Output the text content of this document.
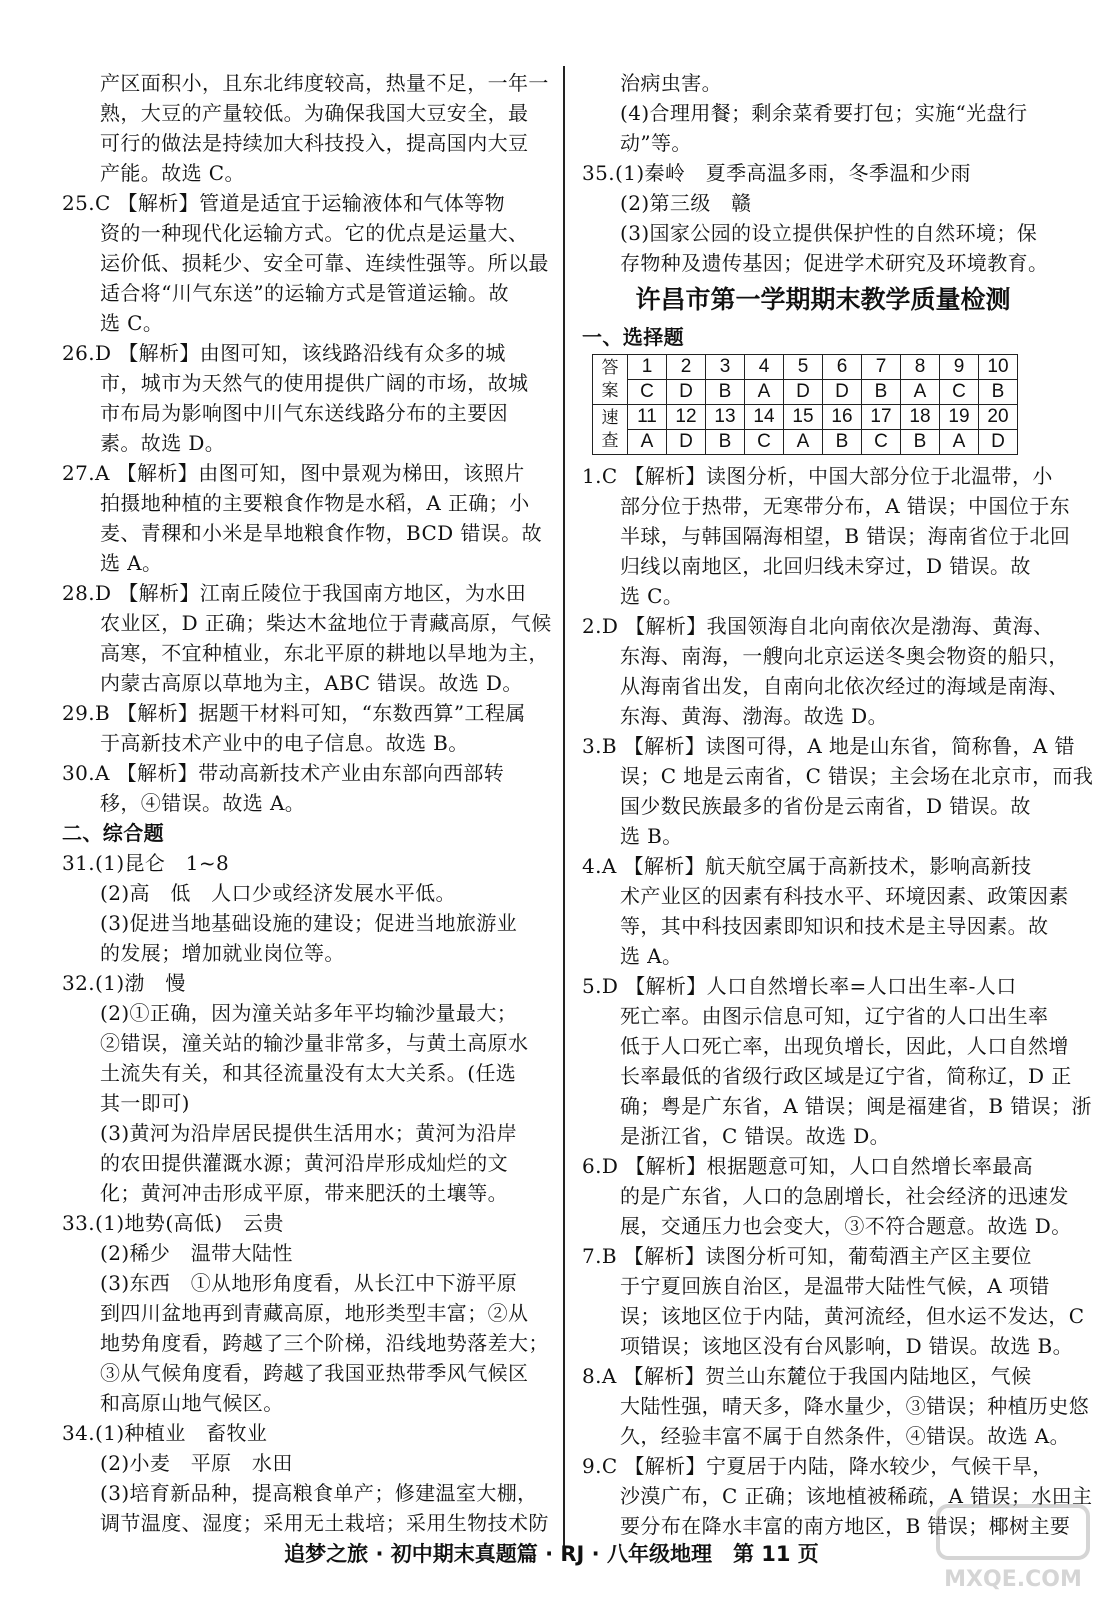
产区面积小，且东北纬度较高，热量不足，一年一
熟，大豆的产量较低。为确保我国大豆安全，最
可行的做法是持续加大科技投入，提高国内大豆
产能。故选 C。
25.C 【解析】管道是适宜于运输液体和气体等物
资的一种现代化运输方式。它的优点是运量大、
运价低、损耗少、安全可靠、连续性强等。所以最
适合将“川气东送”的运输方式是管道运输。故
选 C。
26.D 【解析】由图可知，该线路沿线有众多的城
市，城市为天然气的使用提供广阔的市场，故城
市布局为影响图中川气东送线路分布的主要因
素。故选 D。
27.A 【解析】由图可知，图中景观为梯田，该照片
拍摄地种植的主要粮食作物是水稻，A 正确；小
麦、青稞和小米是旱地粮食作物，BCD 错误。故
选 A。
28.D 【解析】江南丘陵位于我国南方地区，为水田
农业区，D 正确；柴达木盆地位于青藏高原，气候
高寒，不宜种植业，东北平原的耕地以旱地为主，
内蒙古高原以草地为主，ABC 错误。故选 D。
29.B 【解析】据题干材料可知，“东数西算”工程属
于高新技术产业中的电子信息。故选 B。
30.A 【解析】带动高新技术产业由东部向西部转
移，④错误。故选 A。
二、综合题
31.(1)昆仑　1~8
(2)高　低　人口少或经济发展水平低。
(3)促进当地基础设施的建设；促进当地旅游业
的发展；增加就业岗位等。
32.(1)渤　慢
(2)①正确，因为潼关站多年平均输沙量最大；
②错误，潼关站的输沙量非常多，与黄土高原水
土流失有关，和其径流量没有太大关系。(任选
其一即可)
(3)黄河为沿岸居民提供生活用水；黄河为沿岸
的农田提供灌溉水源；黄河沿岸形成灿烂的文
化；黄河冲击形成平原，带来肥沃的土壤等。
33.(1)地势(高低)　云贵
(2)稀少　温带大陆性
(3)东西　①从地形角度看，从长江中下游平原
到四川盆地再到青藏高原，地形类型丰富；②从
地势角度看，跨越了三个阶梯，沿线地势落差大；
③从气候角度看，跨越了我国亚热带季风气候区
和高原山地气候区。
34.(1)种植业　畜牧业
(2)小麦　平原　水田
(3)培育新品种，提高粮食单产；修建温室大棚，
调节温度、湿度；采用无土栽培；采用生物技术防
治病虫害。
(4)合理用餐；剩余菜肴要打包；实施“光盘行
动”等。
35.(1)秦岭　夏季高温多雨，冬季温和少雨
(2)第三级　赣
(3)国家公园的设立提供保护性的自然环境；保
存物种及遗传基因；促进学术研究及环境教育。
许昌市第一学期期末教学质量检测
一、选择题
答
案	1	2	3	4	5	6	7	8	9	10
	C	D	B	A	D	D	B	A	C	B
速
查	11	12	13	14	15	16	17	18	19	20
	A	D	B	C	A	B	C	B	A	D
1.C 【解析】读图分析，中国大部分位于北温带，小
部分位于热带，无寒带分布，A 错误；中国位于东
半球，与韩国隔海相望，B 错误；海南省位于北回
归线以南地区，北回归线未穿过，D 错误。故
选 C。
2.D 【解析】我国领海自北向南依次是渤海、黄海、
东海、南海，一艘向北京运送冬奥会物资的船只，
从海南省出发，自南向北依次经过的海域是南海、
东海、黄海、渤海。故选 D。
3.B 【解析】读图可得，A 地是山东省，简称鲁，A 错
误；C 地是云南省，C 错误；主会场在北京市，而我
国少数民族最多的省份是云南省，D 错误。故
选 B。
4.A 【解析】航天航空属于高新技术，影响高新技
术产业区的因素有科技水平、环境因素、政策因素
等，其中科技因素即知识和技术是主导因素。故
选 A。
5.D 【解析】人口自然增长率=人口出生率-人口
死亡率。由图示信息可知，辽宁省的人口出生率
低于人口死亡率，出现负增长，因此，人口自然增
长率最低的省级行政区域是辽宁省，简称辽，D 正
确；粤是广东省，A 错误；闽是福建省，B 错误；浙
是浙江省，C 错误。故选 D。
6.D 【解析】根据题意可知，人口自然增长率最高
的是广东省，人口的急剧增长，社会经济的迅速发
展，交通压力也会变大，③不符合题意。故选 D。
7.B 【解析】读图分析可知，葡萄酒主产区主要位
于宁夏回族自治区，是温带大陆性气候，A 项错
误；该地区位于内陆，黄河流经，但水运不发达，C
项错误；该地区没有台风影响，D 错误。故选 B。
8.A 【解析】贺兰山东麓位于我国内陆地区，气候
大陆性强，晴天多，降水量少，③错误；种植历史悠
久，经验丰富不属于自然条件，④错误。故选 A。
9.C 【解析】宁夏居于内陆，降水较少，气候干旱，
沙漠广布，C 正确；该地植被稀疏，A 错误；水田主
要分布在降水丰富的南方地区，B 错误；椰树主要
追梦之旅 · 初中期末真题篇 · RJ · 八年级地理　第 11 页
MXQE.COM
